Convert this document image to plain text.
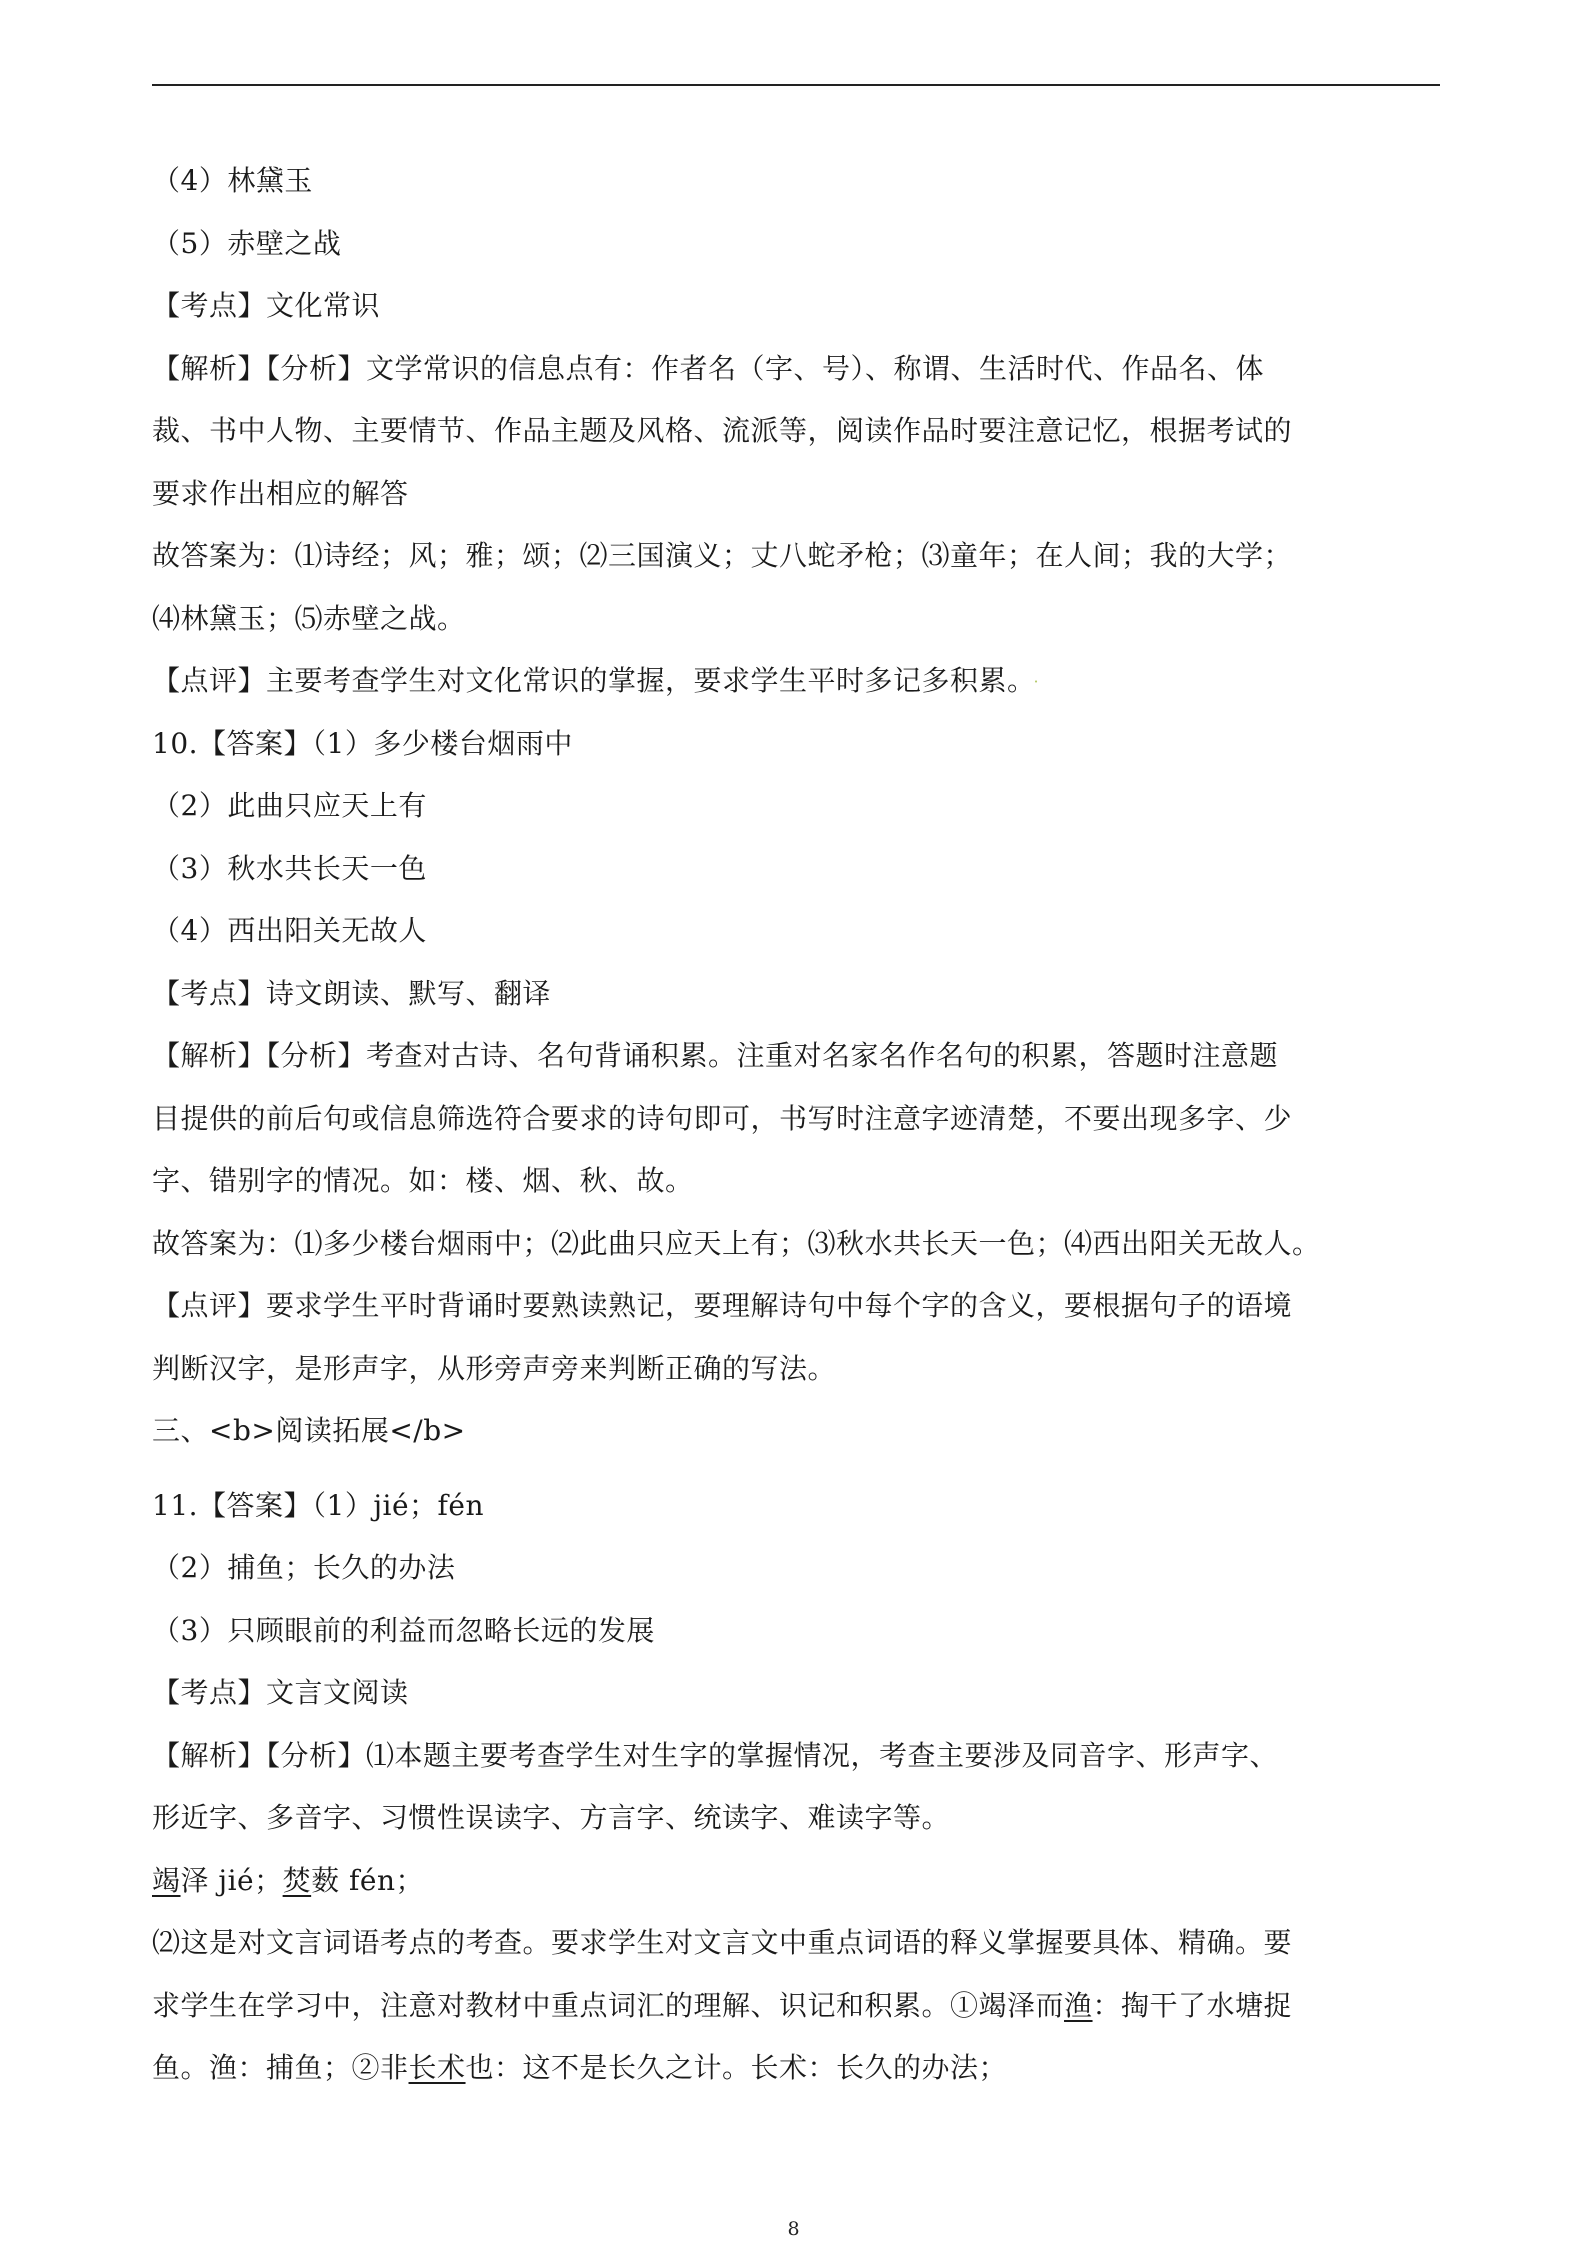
（4）林黛玉
（5）赤壁之战
【考点】文化常识
【解析】【分析】文学常识的信息点有：作者名（字、号）、称谓、生活时代、作品名、体
裁、书中人物、主要情节、作品主题及风格、流派等，阅读作品时要注意记忆，根据考试的
要求作出相应的解答
故答案为：⑴诗经；风；雅；颂；⑵三国演义；丈八蛇矛枪；⑶童年；在人间；我的大学；
⑷林黛玉；⑸赤壁之战。
【点评】主要考查学生对文化常识的掌握，要求学生平时多记多积累。 ·
10.【答案】（1）多少楼台烟雨中
（2）此曲只应天上有
（3）秋水共长天一色
（4）西出阳关无故人
【考点】诗文朗读、默写、翻译
【解析】【分析】考查对古诗、名句背诵积累。注重对名家名作名句的积累，答题时注意题
目提供的前后句或信息筛选符合要求的诗句即可，书写时注意字迹清楚，不要出现多字、少
字、错别字的情况。如：楼、烟、秋、故。
故答案为：⑴多少楼台烟雨中；⑵此曲只应天上有；⑶秋水共长天一色；⑷西出阳关无故人。
【点评】要求学生平时背诵时要熟读熟记，要理解诗句中每个字的含义，要根据句子的语境
判断汉字，是形声字，从形旁声旁来判断正确的写法。
三、<b>阅读拓展</b>
11.【答案】（1）jié；fén
（2）捕鱼；长久的办法
（3）只顾眼前的利益而忽略长远的发展
【考点】文言文阅读
【解析】【分析】⑴本题主要考查学生对生字的掌握情况，考查主要涉及同音字、形声字、
形近字、多音字、习惯性误读字、方言字、统读字、难读字等。
竭泽 jié；焚薮 fén；
⑵这是对文言词语考点的考查。要求学生对文言文中重点词语的释义掌握要具体、精确。要
求学生在学习中，注意对教材中重点词汇的理解、识记和积累。①竭泽而渔：掏干了水塘捉
鱼。渔：捕鱼；②非长术也：这不是长久之计。长术：长久的办法；
8
